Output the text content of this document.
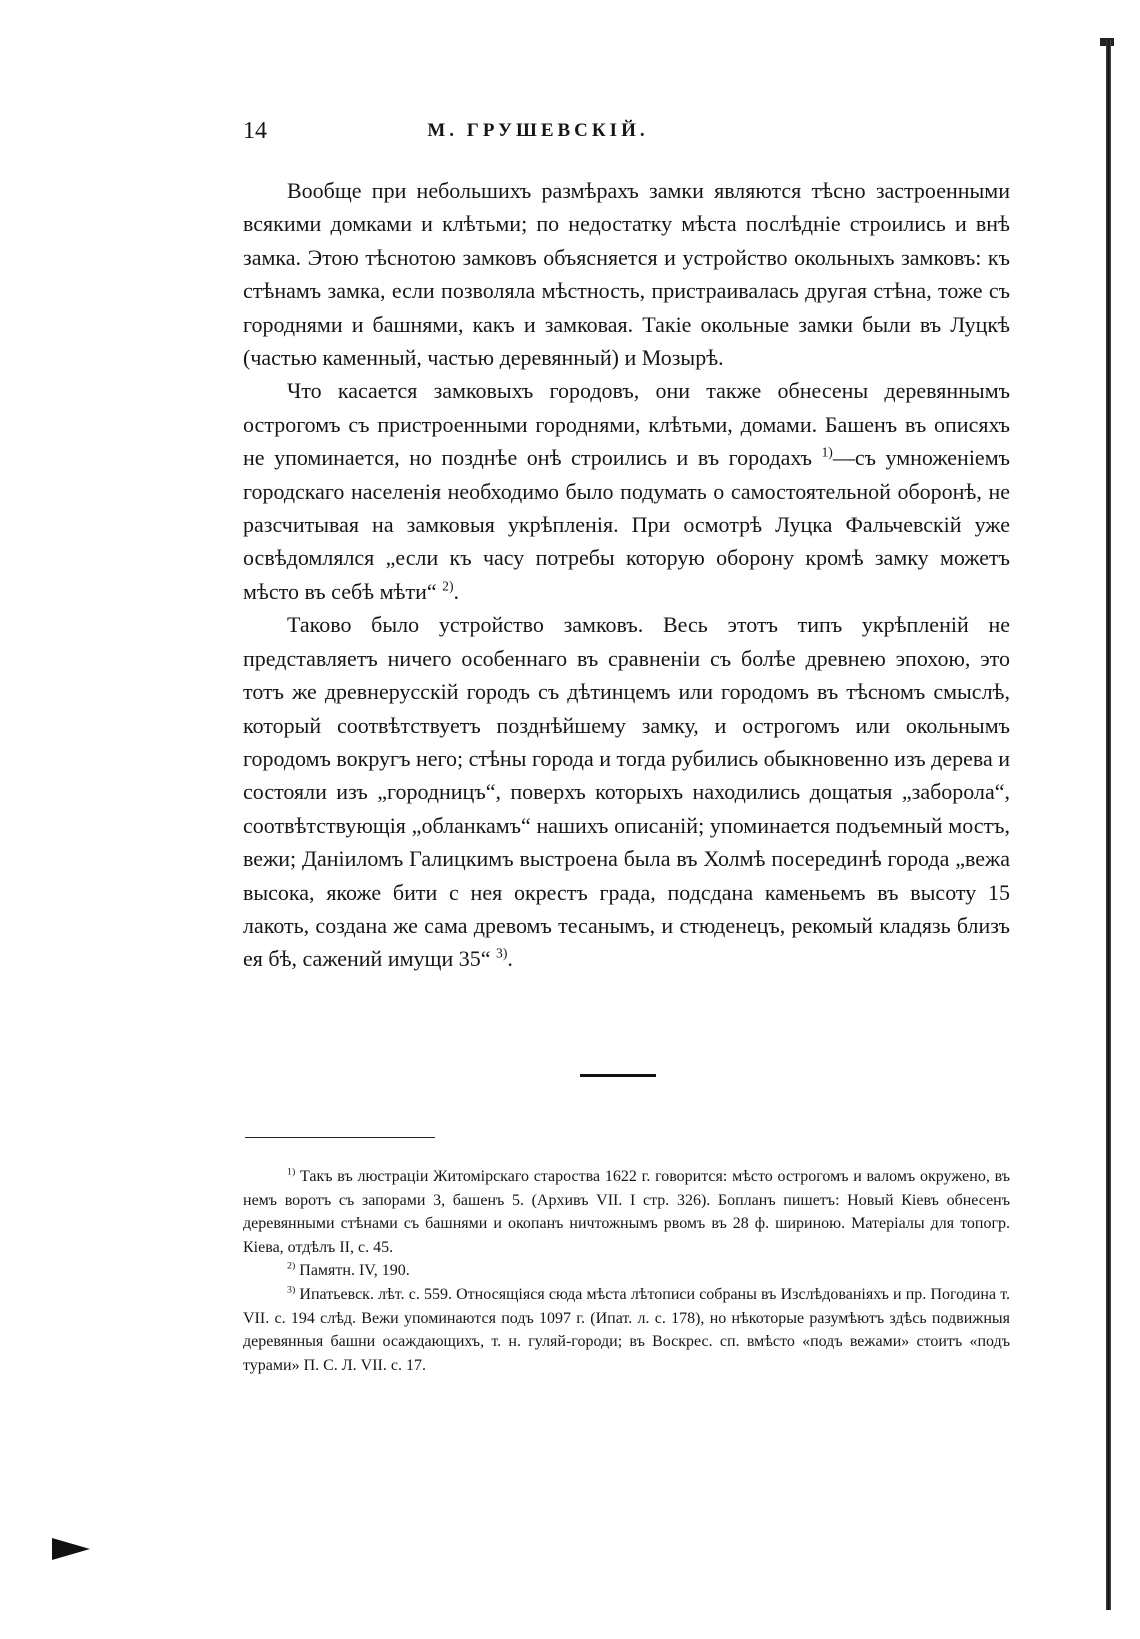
14	М. ГРУШЕВСКІЙ.

Вообще при небольшихъ размѣрахъ замки являются тѣсно застроенными всякими домками и клѣтьми; по недостатку мѣста послѣдніе строились и внѣ замка. Этою тѣснотою замковъ объясняется и устройство окольныхъ замковъ: къ стѣнамъ замка, если позволяла мѣстность, пристраивалась другая стѣна, тоже съ городнями и башнями, какъ и замковая. Такіе окольные замки были въ Луцкѣ (частью каменный, частью деревянный) и Мозырѣ.

Что касается замковыхъ городовъ, они также обнесены деревяннымъ острогомъ съ пристроенными городнями, клѣтьми, домами. Башенъ въ описяхъ не упоминается, но позднѣе онѣ строились и въ городахъ $^{1)}$—съ умноженіемъ городскаго населенія необходимо было подумать о самостоятельной оборонѣ, не разсчитывая на замковыя укрѣпленія. При осмотрѣ Луцка Фальчевскій уже освѣдомлялся „если къ часу потребы которую оборону кромѣ замку можетъ мѣсто въ себѣ мѣти“ $^{2)}$.

Таково было устройство замковъ. Весь этотъ типъ укрѣпленій не представляетъ ничего особеннаго въ сравненіи съ болѣе древнею эпохою, это тотъ же древнерусскій городъ съ дѣтинцемъ или городомъ въ тѣсномъ смыслѣ, который соотвѣтствуетъ позднѣйшему замку, и острогомъ или окольнымъ городомъ вокругъ него; стѣны города и тогда рубились обыкновенно изъ дерева и состояли изъ „городницъ“, поверхъ которыхъ находились дощатыя „заборола“, соотвѣтствующія „обланкамъ“ нашихъ описаній; упоминается подъемный мостъ, вежи; Даніиломъ Галицкимъ выстроена была въ Холмѣ посерединѣ города „вежа высока, якоже бити с нея окрестъ града, подсдана каменьемъ въ высоту 15 лакоть, создана же сама древомъ тесанымъ, и стюденецъ, рекомый кладязь близъ ея бѣ, сажений имущи 35“ $^{3)}$.

$^{1)}$ Такъ въ люстраціи Житомірскаго староства 1622 г. говорится: мѣсто острогомъ и валомъ окружено, въ немъ воротъ съ запорами 3, башенъ 5. (Архивъ VII. I стр. 326). Бопланъ пишетъ: Новый Кіевъ обнесенъ деревянными стѣнами съ башнями и окопанъ ничтожнымъ рвомъ въ 28 ф. шириною. Матеріалы для топогр. Кіева, отдѣлъ II, с. 45.

$^{2)}$ Памятн. IV, 190.

$^{3)}$ Ипатьевск. лѣт. с. 559. Относящіяся сюда мѣста лѣтописи собраны въ Изслѣдованіяхъ и пр. Погодина т. VII. с. 194 слѣд. Вежи упоминаются подъ 1097 г. (Ипат. л. с. 178), но нѣкоторые разумѣютъ здѣсь подвижныя деревянныя башни осаждающихъ, т. н. гуляй-городи; въ Воскрес. сп. вмѣсто «подъ вежами» стоитъ «подъ турами» П. С. Л. VII. с. 17.
